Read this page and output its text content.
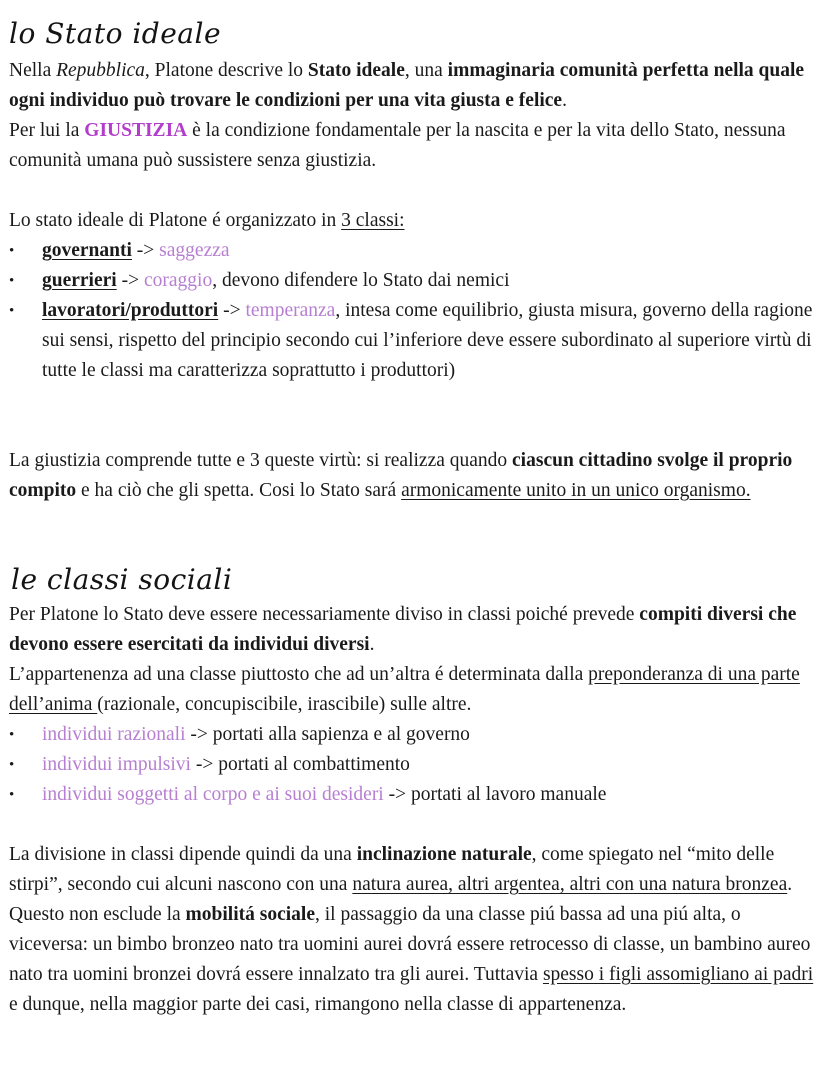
lo Stato ideale

Nella Repubblica, Platone descrive lo Stato ideale, una immaginaria comunità perfetta nella quale ogni individuo può trovare le condizioni per una vita giusta e felice.

Per lui la GIUSTIZIA è la condizione fondamentale per la nascita e per la vita dello Stato, nessuna comunità umana può sussistere senza giustizia.

Lo stato ideale di Platone é organizzato in 3 classi:

• governanti -> saggezza
• guerrieri -> coraggio, devono difendere lo Stato dai nemici
• lavoratori/produttori -> temperanza, intesa come equilibrio, giusta misura, governo della ragione sui sensi, rispetto del principio secondo cui l’inferiore deve essere subordinato al superiore virtù di tutte le classi ma caratterizza soprattutto i produttori)

La giustizia comprende tutte e 3 queste virtù: si realizza quando ciascun cittadino svolge il proprio compito e ha ciò che gli spetta. Cosi lo Stato sará armonicamente unito in un unico organismo.

le classi sociali

Per Platone lo Stato deve essere necessariamente diviso in classi poiché prevede compiti diversi che devono essere esercitati da individui diversi.

L’appartenenza ad una classe piuttosto che ad un’altra é determinata dalla preponderanza di una parte dell’anima (razionale, concupiscibile, irascibile) sulle altre.

• individui razionali -> portati alla sapienza e al governo
• individui impulsivi -> portati al combattimento
• individui soggetti al corpo e ai suoi desideri -> portati al lavoro manuale

La divisione in classi dipende quindi da una inclinazione naturale, come spiegato nel “mito delle stirpi”, secondo cui alcuni nascono con una natura aurea, altri argentea, altri con una natura bronzea. Questo non esclude la mobilitá sociale, il passaggio da una classe piú bassa ad una piú alta, o viceversa: un bimbo bronzeo nato tra uomini aurei dovrá essere retrocesso di classe, un bambino aureo nato tra uomini bronzei dovrá essere innalzato tra gli aurei. Tuttavia spesso i figli assomigliano ai padri e dunque, nella maggior parte dei casi, rimangono nella classe di appartenenza.
